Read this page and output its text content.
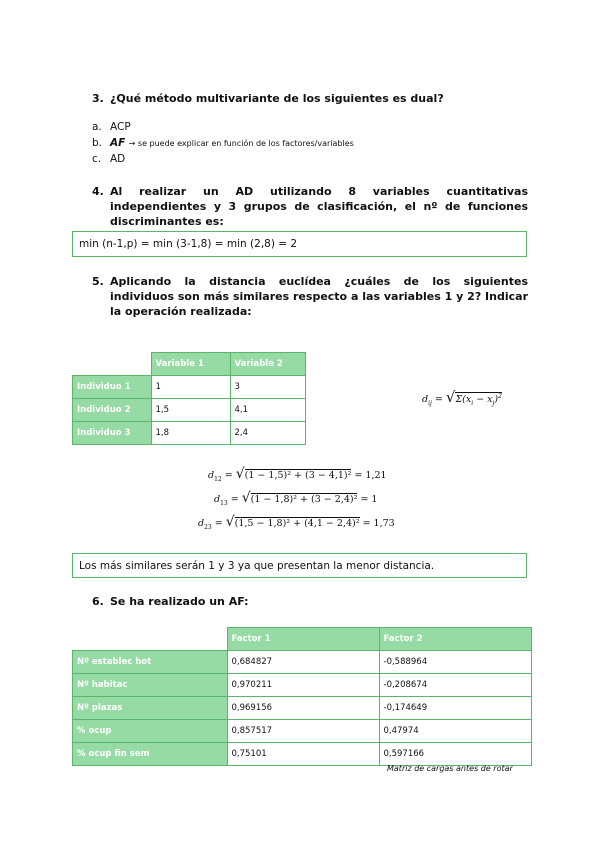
3. ¿Qué método multivariante de los siguientes es dual?
a. ACP
b. AF → se puede explicar en función de los factores/variables
c. AD
4. Al realizar un AD utilizando 8 variables cuantitativas independientes y 3 grupos de clasificación, el nº de funciones discriminantes es:
min (n-1,p) = min (3-1,8) = min (2,8) = 2
5. Aplicando la distancia euclídea ¿cuáles de los siguientes individuos son más similares respecto a las variables 1 y 2? Indicar la operación realizada:
	Variable 1	Variable 2
Individuo 1	1	3
Individuo 2	1,5	4,1
Individuo 3	1,8	2,4
$d_{ij} = √\Sigma(x_i - x_j)^2$
$d_{12} = √(1 - 1,5)^2 + (3 - 4,1)^2 = 1,21$
$d_{13} = √(1 - 1,8)^2 + (3 - 2,4)^2 = 1$
$d_{23} = √(1,5 - 1,8)^2 + (4,1 - 2,4)^2 = 1,73$
Los más similares serán 1 y 3 ya que presentan la menor distancia.
6. Se ha realizado un AF:
	Factor 1	Factor 2
Nº establec hot	0,684827	-0,588964
Nº habitac	0,970211	-0,208674
Nº plazas	0,969156	-0,174649
% ocup	0,857517	0,47974
% ocup fin sem	0,75101	0,597166
Matriz de cargas antes de rotar
